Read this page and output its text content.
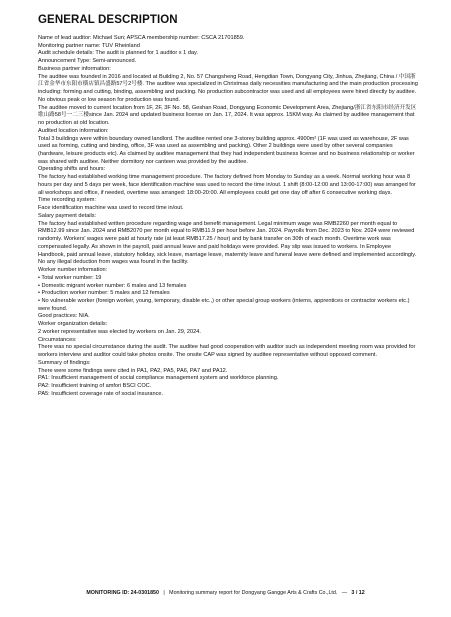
GENERAL DESCRIPTION

Name of lead auditor: Michael Sun; APSCA membership number: CSCA 21701859.

Monitoring partner name: TUV Rheinland

Audit schedule details: The audit is planned for 1 auditor x 1 day.

Announcement Type: Semi-announced.

Business partner information:

The auditee was founded in 2016 and located at Building 2, No. 57 Changsheng Road, Hengdian Town, Dongyang City, Jinhua, Zhejiang, China / 中国浙江省金华市东阳市横店镇昌盛路57号2号楼. The auditee was specialized in Christmas daily necessities manufacturing and the main production processing including: forming and cutting, binding, assembling and packing. No production subcontractor was used and all employees were hired directly by auditee. No obvious peak or low season for production was found.

The auditee moved to current location from 1F, 2F, 3F No. 58, Geshan Road, Dongyang Economic Development Area, Zhejiang/浙江省东阳市经济开发区歌山路58号一二三楼since Jan. 2024 and updated business license on Jan. 17, 2024. It was approx. 15KM way. As claimed by auditee management that no production at old location.

Audited location information:

Total 3 buildings were within boundary owned landlord. The auditee rented one 3-storey building approx. 4900m² (1F was used as warehouse, 2F was used as forming, cutting and binding, office, 3F was used as assembling and packing). Other 2 buildings were used by other several companies (hardware, leisure products etc). As claimed by auditee management that they had independent business license and no business relationship or worker was shared with auditee. Neither dormitory nor canteen was provided by the auditee.

Operating shifts and hours:

The factory had established working time management procedure. The factory defined from Monday to Sunday as a week. Normal working hour was 8 hours per day and 5 days per week, face identification machine was used to record the time in/out. 1 shift (8:00-12:00 and 13:00-17:00) was arranged for all workshops and office, if needed, overtime was arranged: 18:00-20:00. All employees could get one day off after 6 consecutive working days.

Time recording system:

Face identification machine was used to record time in/out.

Salary payment details:

The factory had established written procedure regarding wage and benefit management. Legal minimum wage was RMB2260 per month equal to RMB12.99 since Jan. 2024 and RMB2070 per month equal to RMB11.9 per hour before Jan. 2024. Payrolls from Dec. 2023 to Nov. 2024 were reviewed randomly. Workers' wages were paid at hourly rate (at least RMB17.25 / hour) and by bank transfer on 30th of each month. Overtime work was compensated legally. As shown in the payroll, paid annual leave and paid holidays were provided. Pay slip was issued to workers. In Employee Handbook, paid annual leave, statutory holiday, sick leave, marriage leave, maternity leave and funeral leave were defined and implemented accordingly. No any illegal deduction from wages was found in the facility.

Worker number information:

• Total worker number: 19

• Domestic migrant worker number: 6 males and 13 females

• Production worker number: 5 males and 12 females

• No vulnerable worker (foreign worker, young, temporary, disable etc.,) or other special group workers (interns, apprentices or contractor workers etc.) were found.

Good practices: N/A.

Worker organization details:

2 worker representative was elected by workers on Jan. 29, 2024.

Circumstances:

There was no special circumstance during the audit. The auditee had good cooperation with auditor such as independent meeting room was provided for workers interview and auditor could take photos onsite. The onsite CAP was signed by auditee representative without opposed comment.

Summary of findings:

There were some findings were cited in PA1, PA2, PA5, PA6, PA7 and PA12.

PA1: Insufficient management of social compliance management system and workforce planning.

PA2: Insufficient training of amfori BSCI COC.

PA5: Insufficient coverage rate of social insurance.

MONITORING ID: 24-0301850 | Monitoring summary report for Dongyang Gangge Arts & Crafts Co.,Ltd. — 3 / 12
